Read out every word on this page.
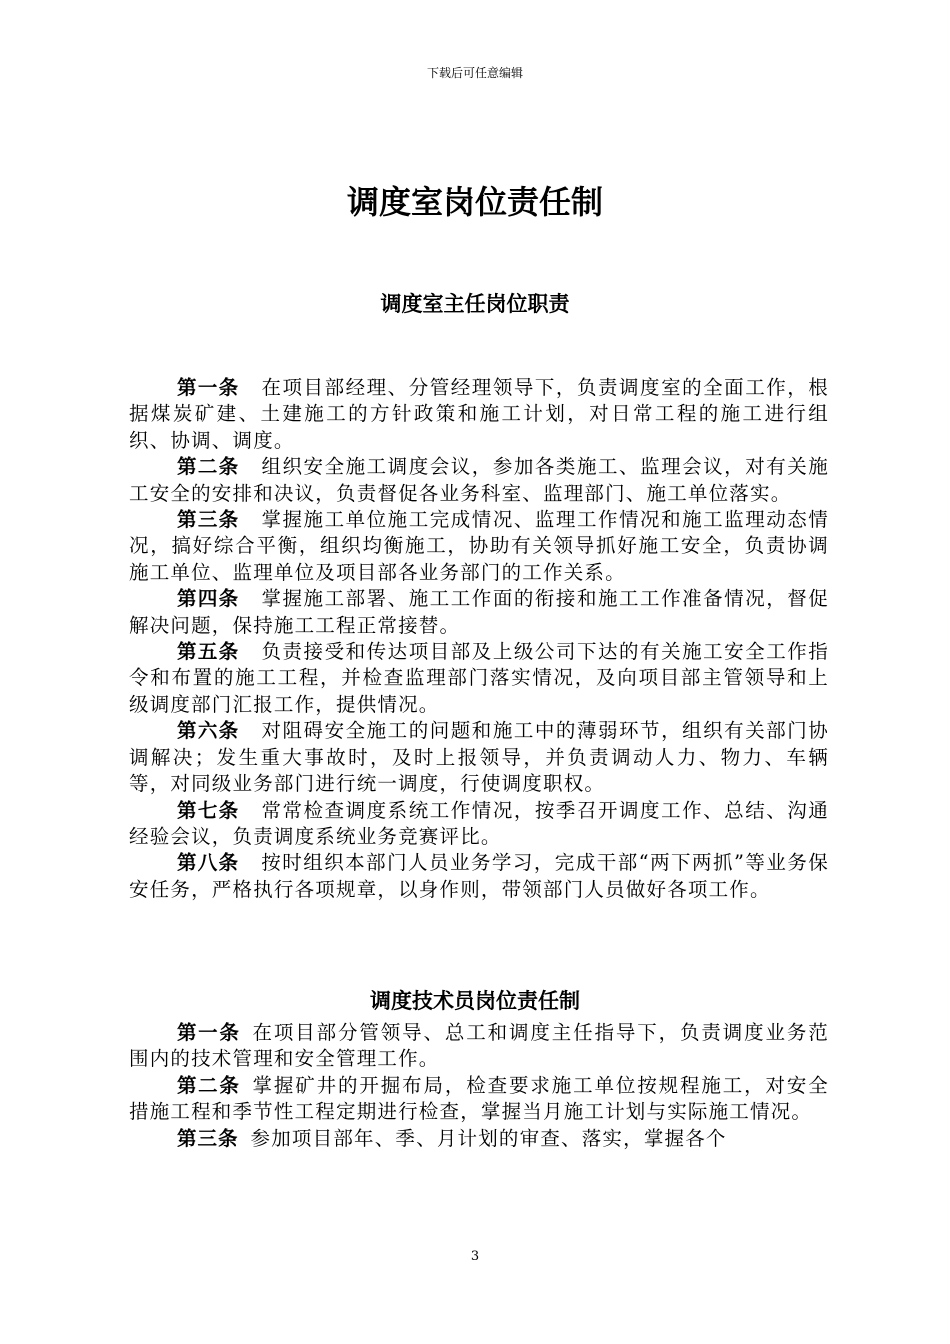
下载后可任意编辑
调度室岗位责任制
调度室主任岗位职责

第一条 在项目部经理、分管经理领导下，负责调度室的全面工作，根据煤炭矿建、土建施工的方针政策和施工计划，对日常工程的施工进行组织、协调、调度。

第二条 组织安全施工调度会议，参加各类施工、监理会议，对有关施工安全的安排和决议，负责督促各业务科室、监理部门、施工单位落实。

第三条 掌握施工单位施工完成情况、监理工作情况和施工监理动态情况，搞好综合平衡，组织均衡施工，协助有关领导抓好施工安全，负责协调施工单位、监理单位及项目部各业务部门的工作关系。

第四条 掌握施工部署、施工工作面的衔接和施工工作准备情况，督促解决问题，保持施工工程正常接替。

第五条 负责接受和传达项目部及上级公司下达的有关施工安全工作指令和布置的施工工程，并检查监理部门落实情况，及向项目部主管领导和上级调度部门汇报工作，提供情况。

第六条 对阻碍安全施工的问题和施工中的薄弱环节，组织有关部门协调解决；发生重大事故时，及时上报领导，并负责调动人力、物力、车辆等，对同级业务部门进行统一调度，行使调度职权。

第七条 常常检查调度系统工作情况，按季召开调度工作、总结、沟通经验会议，负责调度系统业务竞赛评比。

第八条 按时组织本部门人员业务学习，完成干部“两下两抓”等业务保安任务，严格执行各项规章，以身作则，带领部门人员做好各项工作。

调度技术员岗位责任制

第一条 在项目部分管领导、总工和调度主任指导下，负责调度业务范围内的技术管理和安全管理工作。

第二条 掌握矿井的开掘布局，检查要求施工单位按规程施工，对安全措施工程和季节性工程定期进行检查，掌握当月施工计划与实际施工情况。

第三条 参加项目部年、季、月计划的审查、落实，掌握各个

3
